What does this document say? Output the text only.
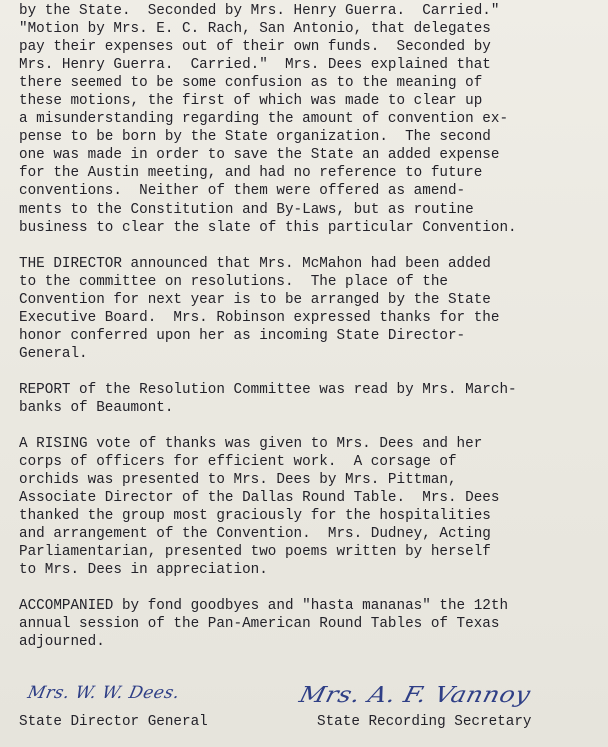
by the State.  Seconded by Mrs. Henry Guerra.  Carried."
"Motion by Mrs. E. C. Rach, San Antonio, that delegates
pay their expenses out of their own funds.  Seconded by
Mrs. Henry Guerra.  Carried."  Mrs. Dees explained that
there seemed to be some confusion as to the meaning of
these motions, the first of which was made to clear up
a misunderstanding regarding the amount of convention ex-
pense to be born by the State organization.  The second
one was made in order to save the State an added expense
for the Austin meeting, and had no reference to future
conventions.  Neither of them were offered as amend-
ments to the Constitution and By-Laws, but as routine
business to clear the slate of this particular Convention.

THE DIRECTOR announced that Mrs. McMahon had been added
to the committee on resolutions.  The place of the
Convention for next year is to be arranged by the State
Executive Board.  Mrs. Robinson expressed thanks for the
honor conferred upon her as incoming State Director-
General.

REPORT of the Resolution Committee was read by Mrs. March-
banks of Beaumont.

A RISING vote of thanks was given to Mrs. Dees and her
corps of officers for efficient work.  A corsage of
orchids was presented to Mrs. Dees by Mrs. Pittman,
Associate Director of the Dallas Round Table.  Mrs. Dees
thanked the group most graciously for the hospitalities
and arrangement of the Convention.  Mrs. Dudney, Acting
Parliamentarian, presented two poems written by herself
to Mrs. Dees in appreciation.

ACCOMPANIED by fond goodbyes and "hasta mananas" the 12th
annual session of the Pan-American Round Tables of Texas
adjourned.

Mrs. W. W. Dees.	Mrs. A. F. Vannoy
State Director General	State Recording Secretary
